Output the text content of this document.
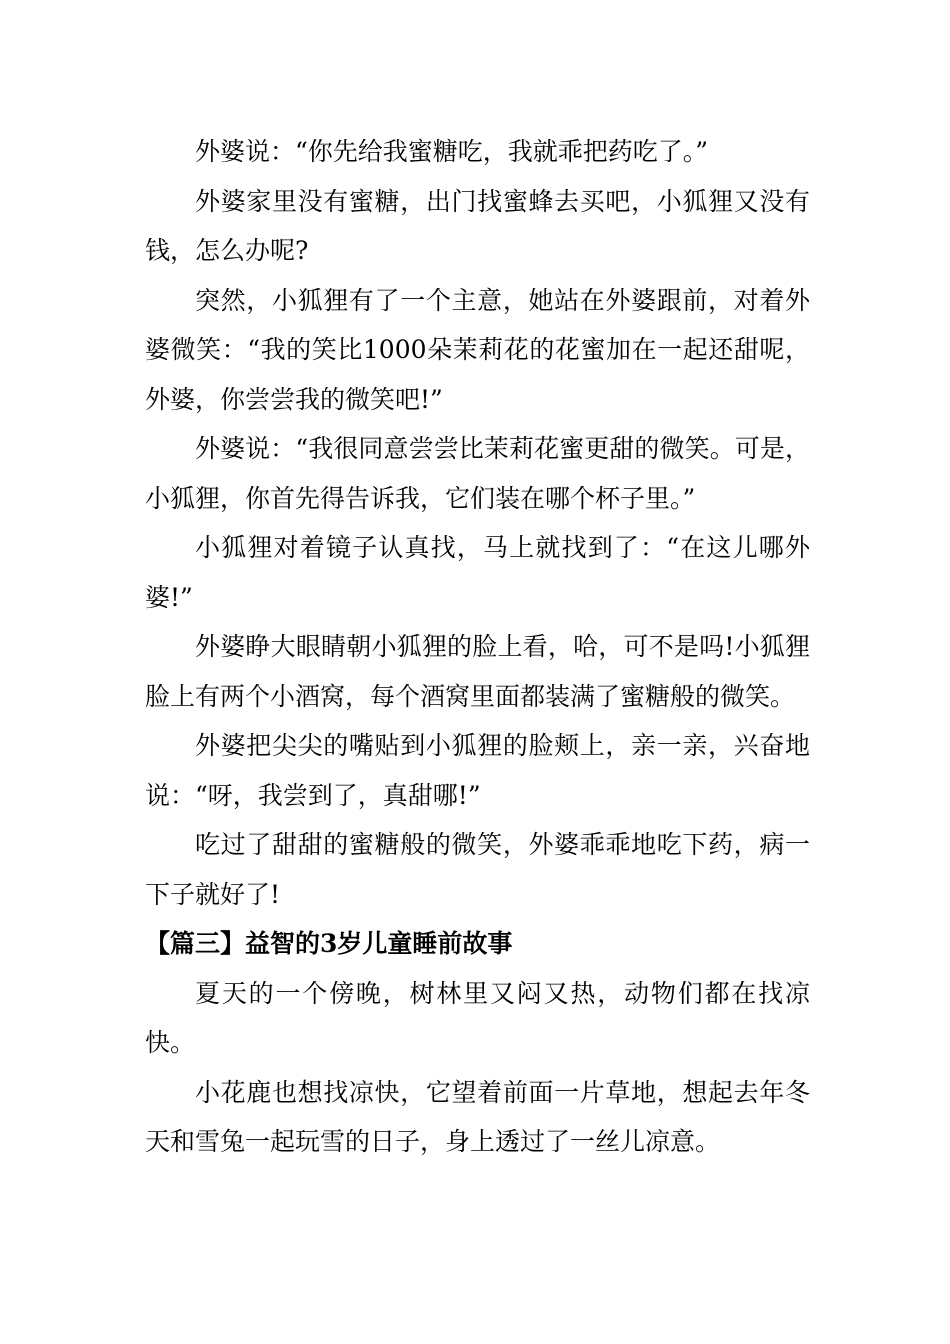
外婆说：“你先给我蜜糖吃，我就乖把药吃了。”

外婆家里没有蜜糖，出门找蜜蜂去买吧，小狐狸又没有钱，怎么办呢?

突然，小狐狸有了一个主意，她站在外婆跟前，对着外婆微笑：“我的笑比1000朵茉莉花的花蜜加在一起还甜呢，外婆，你尝尝我的微笑吧!”

外婆说：“我很同意尝尝比茉莉花蜜更甜的微笑。可是，小狐狸，你首先得告诉我，它们装在哪个杯子里。”

小狐狸对着镜子认真找，马上就找到了：“在这儿哪外婆!”

外婆睁大眼睛朝小狐狸的脸上看，哈，可不是吗!小狐狸脸上有两个小酒窝，每个酒窝里面都装满了蜜糖般的微笑。

外婆把尖尖的嘴贴到小狐狸的脸颊上，亲一亲，兴奋地说：“呀，我尝到了，真甜哪!”

吃过了甜甜的蜜糖般的微笑，外婆乖乖地吃下药，病一下子就好了!

【篇三】益智的3岁儿童睡前故事

夏天的一个傍晚，树林里又闷又热，动物们都在找凉快。

小花鹿也想找凉快，它望着前面一片草地，想起去年冬天和雪兔一起玩雪的日子，身上透过了一丝儿凉意。
